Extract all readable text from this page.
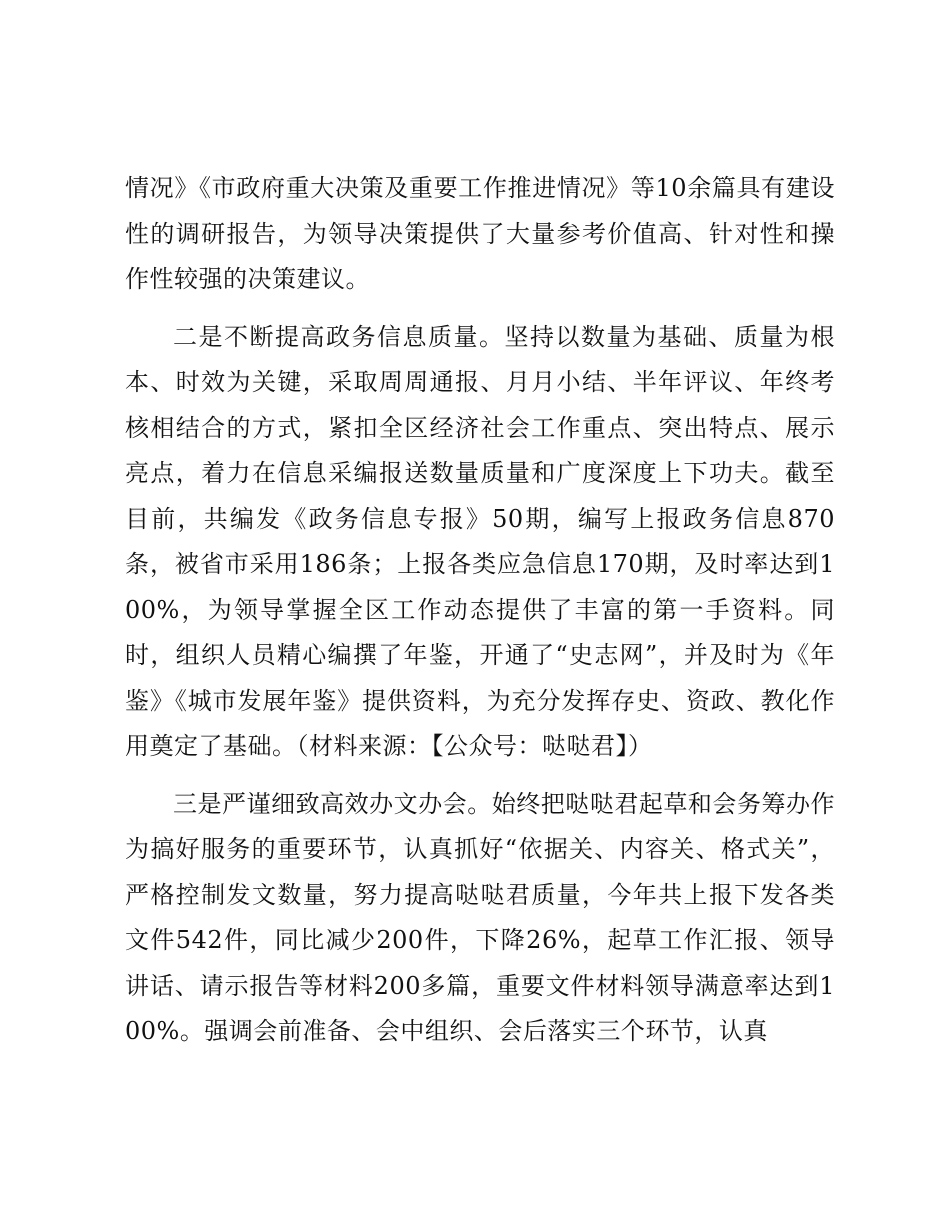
情况》《市政府重大决策及重要工作推进情况》等10余篇具有建设性的调研报告，为领导决策提供了大量参考价值高、针对性和操作性较强的决策建议。

二是不断提高政务信息质量。坚持以数量为基础、质量为根本、时效为关键，采取周周通报、月月小结、半年评议、年终考核相结合的方式，紧扣全区经济社会工作重点、突出特点、展示亮点，着力在信息采编报送数量质量和广度深度上下功夫。截至目前，共编发《政务信息专报》50期，编写上报政务信息870条，被省市采用186条；上报各类应急信息170期，及时率达到100%，为领导掌握全区工作动态提供了丰富的第一手资料。同时，组织人员精心编撰了年鉴，开通了“史志网”，并及时为《年鉴》《城市发展年鉴》提供资料，为充分发挥存史、资政、教化作用奠定了基础。（材料来源：【公众号：哒哒君】）

三是严谨细致高效办文办会。始终把哒哒君起草和会务筹办作为搞好服务的重要环节，认真抓好“依据关、内容关、格式关”，严格控制发文数量，努力提高哒哒君质量，今年共上报下发各类文件542件，同比减少200件，下降26%，起草工作汇报、领导讲话、请示报告等材料200多篇，重要文件材料领导满意率达到100%。强调会前准备、会中组织、会后落实三个环节，认真
